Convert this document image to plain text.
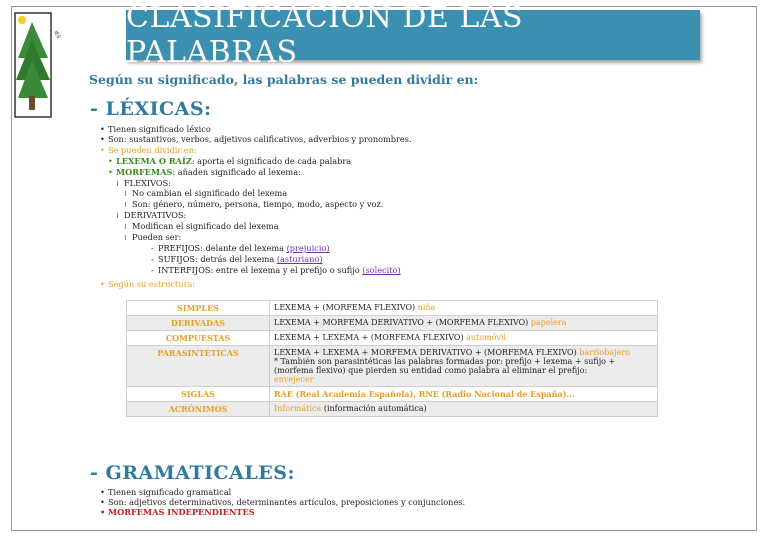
IES CLASIFICACIÓN DE LAS PALABRAS
Según su significado, las palabras se pueden dividir en:
- LÉXICAS:
• Tienen significado léxico
• Son: sustantivos, verbos, adjetivos calificativos, adverbios y pronombres.
• Se pueden dividir en:
• LEXEMA O RAÍZ: aporta el significado de cada palabra
• MORFEMAS: añaden significado al lexema:
FLEXIVOS:
No cambian el significado del lexema
Son: género, número, persona, tiempo, modo, aspecto y voz.
DERIVATIVOS:
Modifican el significado del lexema
Pueden ser:
- PREFIJOS: delante del lexema (prejuicio)
- SUFIJOS: detrás del lexema (asturiano)
- INTERFIJOS: entre el lexema y el prefijo o sufijo (solecito)
• Según su estructura:
SIMPLES	LEXEMA + (MORFEMA FLEXIVO) niña
DERIVADAS	LEXEMA + MORFEMA DERIVATIVO + (MORFEMA FLEXIVO) papelera
COMPUESTAS	LEXEMA + LEXEMA + (MORFEMA FLEXIVO) automóvil
PARASINTÉTICAS	LEXEMA + LEXEMA + MORFEMA DERIVATIVO + (MORFEMA FLEXIVO) barriobajero
* También son parasintéticas las palabras formadas por: prefijo + lexema + sufijo + (morfema flexivo) que pierden su entidad como palabra al eliminar el prefijo:
envejecer
SIGLAS	RAE (Real Academia Española), RNE (Radio Nacional de España)...
ACRÓNIMOS	Informática (información automática)
- GRAMATICALES:
• Tienen significado gramatical
• Son: adjetivos determinativos, determinantes artículos, preposiciones y conjunciones.
• MORFEMAS INDEPENDIENTES
